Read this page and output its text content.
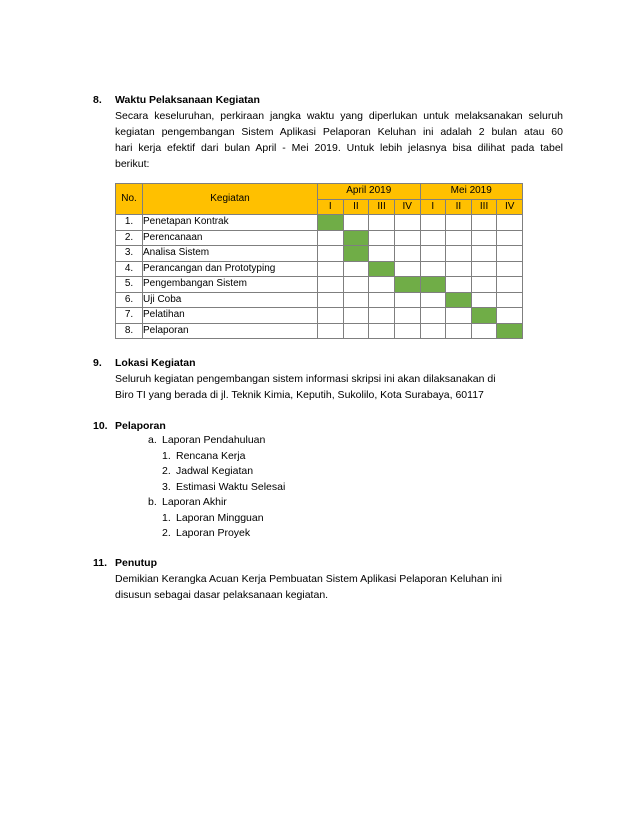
8.	Waktu Pelaksanaan Kegiatan
Secara keseluruhan, perkiraan jangka waktu yang diperlukan untuk melaksanakan seluruh
kegiatan pengembangan Sistem Aplikasi Pelaporan Keluhan ini adalah 2 bulan atau 60
hari kerja efektif dari bulan April - Mei 2019. Untuk lebih jelasnya bisa dilihat pada tabel
berikut:
No.	Kegiatan	April 2019				Mei 2019			
		I	II	III	IV	I	II	III	IV
1.	Penetapan Kontrak								
2.	Perencanaan								
3.	Analisa Sistem								
4.	Perancangan dan Prototyping								
5.	Pengembangan Sistem								
6.	Uji Coba								
7.	Pelatihan								
8.	Pelaporan								
9.	Lokasi Kegiatan
Seluruh kegiatan pengembangan sistem informasi skripsi ini akan dilaksanakan di
Biro TI yang berada di jl. Teknik Kimia, Keputih, Sukolilo, Kota Surabaya, 60117
10. Pelaporan
a. Laporan Pendahuluan
1. Rencana Kerja
2. Jadwal Kegiatan
3. Estimasi Waktu Selesai
b. Laporan Akhir
1. Laporan Mingguan
2. Laporan Proyek
11. Penutup
Demikian Kerangka Acuan Kerja Pembuatan Sistem Aplikasi Pelaporan Keluhan ini
disusun sebagai dasar pelaksanaan kegiatan.
